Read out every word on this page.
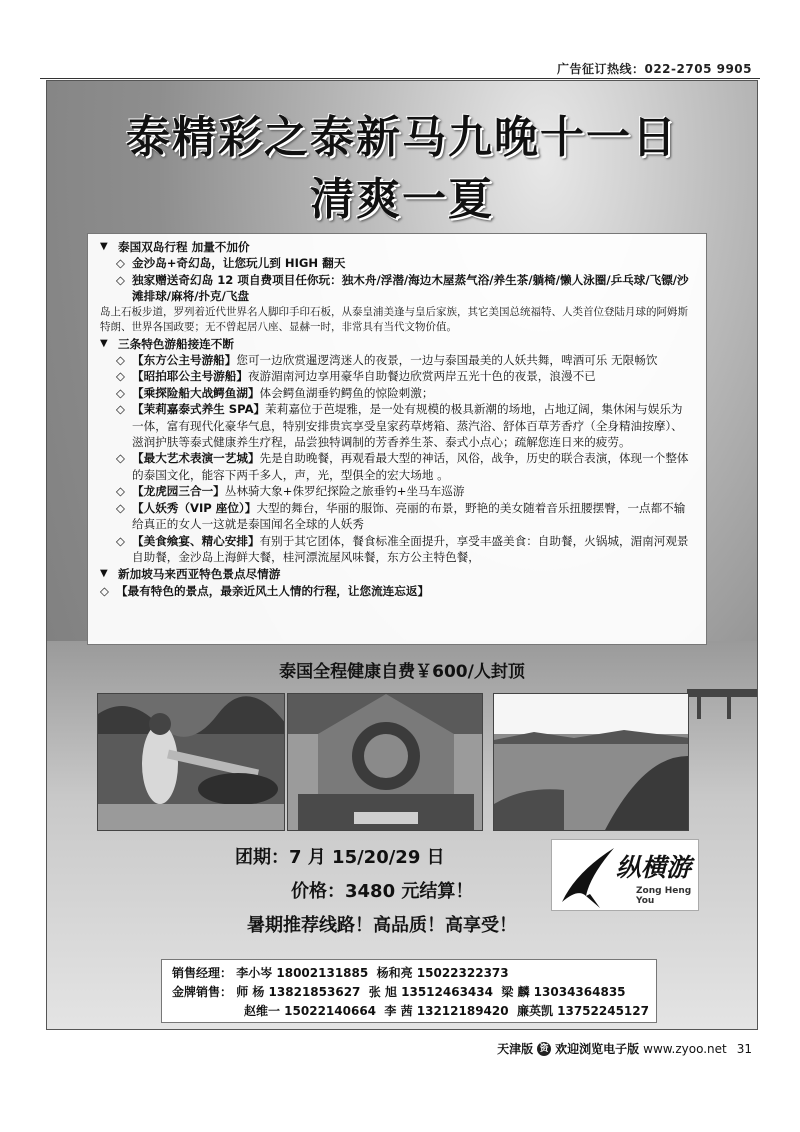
广告征订热线：022-2705 9905
泰精彩之泰新马九晚十一日
清爽一夏
▼ 泰国双岛行程 加量不加价
◇ 金沙岛+奇幻岛，让您玩儿到 HIGH 翻天
◇ 独家赠送奇幻岛 12 项自费项目任你玩：独木舟/浮潜/海边木屋蒸气浴/养生茶/躺椅/懒人泳圈/乒乓球/飞镖/沙滩排球/麻将/扑克/飞盘
岛上石板步道，罗列着近代世界名人脚印手印石板，从泰皇浦美逢与皇后家族，其它美国总统福特、人类首位登陆月球的阿姆斯特朗、世界各国政要；无不曾起居八座、显赫一时，非常具有当代文物价值。
▼ 三条特色游船接连不断
◇ 【东方公主号游船】您可一边欣赏暹逻湾迷人的夜景，一边与泰国最美的人妖共舞，啤酒可乐 无限畅饮
◇ 【昭拍耶公主号游船】夜游湄南河边享用豪华自助餐边欣赏两岸五光十色的夜景，浪漫不已
◇ 【乘探险船大战鳄鱼湖】体会鳄鱼湖垂钓鳄鱼的惊险刺激；
◇ 【茉莉嘉泰式养生 SPA】茉莉嘉位于芭堤雅，是一处有规模的极具新潮的场地，占地辽阔，集休闲与娱乐为一体，富有现代化豪华气息，特别安排贵宾享受皇家药草烤箱、蒸汽浴、舒体百草芳香疗（全身精油按摩）、滋润护肤等泰式健康养生疗程，品尝独特调制的芳香养生茶、泰式小点心；疏解您连日来的疲劳。
◇ 【最大艺术表演一艺城】先是自助晚餐，再观看最大型的神话，风俗，战争，历史的联合表演，体现一个整体的泰国文化，能容下两千多人，声，光，型俱全的宏大场地 。
◇ 【龙虎园三合一】丛林骑大象+侏罗纪探险之旅垂钓+坐马车巡游
◇ 【人妖秀（VIP 座位）】大型的舞台，华丽的服饰、亮丽的布景，野艳的美女随着音乐扭腰摆臀，一点都不输给真正的女人一这就是泰国闻名全球的人妖秀
◇ 【美食飨宴、精心安排】有别于其它团体，餐食标准全面提升，享受丰盛美食：自助餐，火锅城，湄南河观景自助餐，金沙岛上海鲜大餐，桂河漂流屋风味餐，东方公主特色餐，
▼ 新加坡马来西亚特色景点尽情游
◇ 【最有特色的景点，最亲近风土人情的行程，让您流连忘返】
泰国全程健康自费￥600/人封顶
团期：7 月 15/20/29 日
价格：3480 元结算！
暑期推荐线路！高品质！高享受！
纵横游
Zong Heng You
销售经理： 李小岑 18002131885 杨和亮 15022322373
金牌销售： 师 杨 13821853627 张 旭 13512463434 梁 麟 13034364835
赵维一 15022140664 李 茜 13212189420 廉英凯 13752245127
天津版 资 欢迎浏览电子版 www.zyoo.net 31
